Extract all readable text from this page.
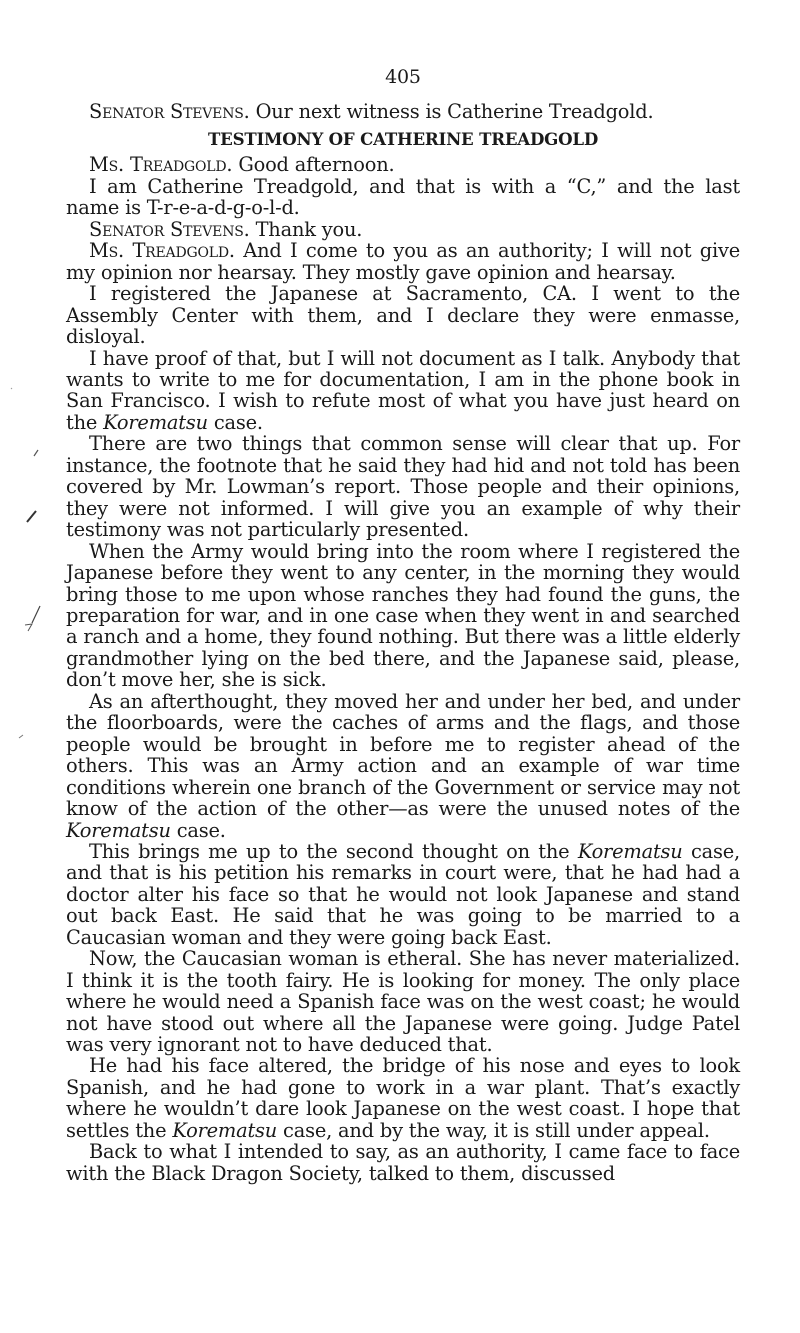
405

Senator Stevens. Our next witness is Catherine Treadgold.

TESTIMONY OF CATHERINE TREADGOLD

Ms. Treadgold. Good afternoon.

I am Catherine Treadgold, and that is with a “C,” and the last name is T-r-e-a-d-g-o-l-d.

Senator Stevens. Thank you.

Ms. Treadgold. And I come to you as an authority; I will not give my opinion nor hearsay. They mostly gave opinion and hearsay.

I registered the Japanese at Sacramento, CA. I went to the Assembly Center with them, and I declare they were enmasse, disloyal.

I have proof of that, but I will not document as I talk. Anybody that wants to write to me for documentation, I am in the phone book in San Francisco. I wish to refute most of what you have just heard on the Korematsu case.

There are two things that common sense will clear that up. For instance, the footnote that he said they had hid and not told has been covered by Mr. Lowman’s report. Those people and their opinions, they were not informed. I will give you an example of why their testimony was not particularly presented.

When the Army would bring into the room where I registered the Japanese before they went to any center, in the morning they would bring those to me upon whose ranches they had found the guns, the preparation for war, and in one case when they went in and searched a ranch and a home, they found nothing. But there was a little elderly grandmother lying on the bed there, and the Japanese said, please, don’t move her, she is sick.

As an afterthought, they moved her and under her bed, and under the floorboards, were the caches of arms and the flags, and those people would be brought in before me to register ahead of the others. This was an Army action and an example of war time conditions wherein one branch of the Government or service may not know of the action of the other—as were the unused notes of the Korematsu case.

This brings me up to the second thought on the Korematsu case, and that is his petition his remarks in court were, that he had had a doctor alter his face so that he would not look Japanese and stand out back East. He said that he was going to be married to a Caucasian woman and they were going back East.

Now, the Caucasian woman is etheral. She has never materialized. I think it is the tooth fairy. He is looking for money. The only place where he would need a Spanish face was on the west coast; he would not have stood out where all the Japanese were going. Judge Patel was very ignorant not to have deduced that.

He had his face altered, the bridge of his nose and eyes to look Spanish, and he had gone to work in a war plant. That’s exactly where he wouldn’t dare look Japanese on the west coast. I hope that settles the Korematsu case, and by the way, it is still under appeal.

Back to what I intended to say, as an authority, I came face to face with the Black Dragon Society, talked to them, discussed
